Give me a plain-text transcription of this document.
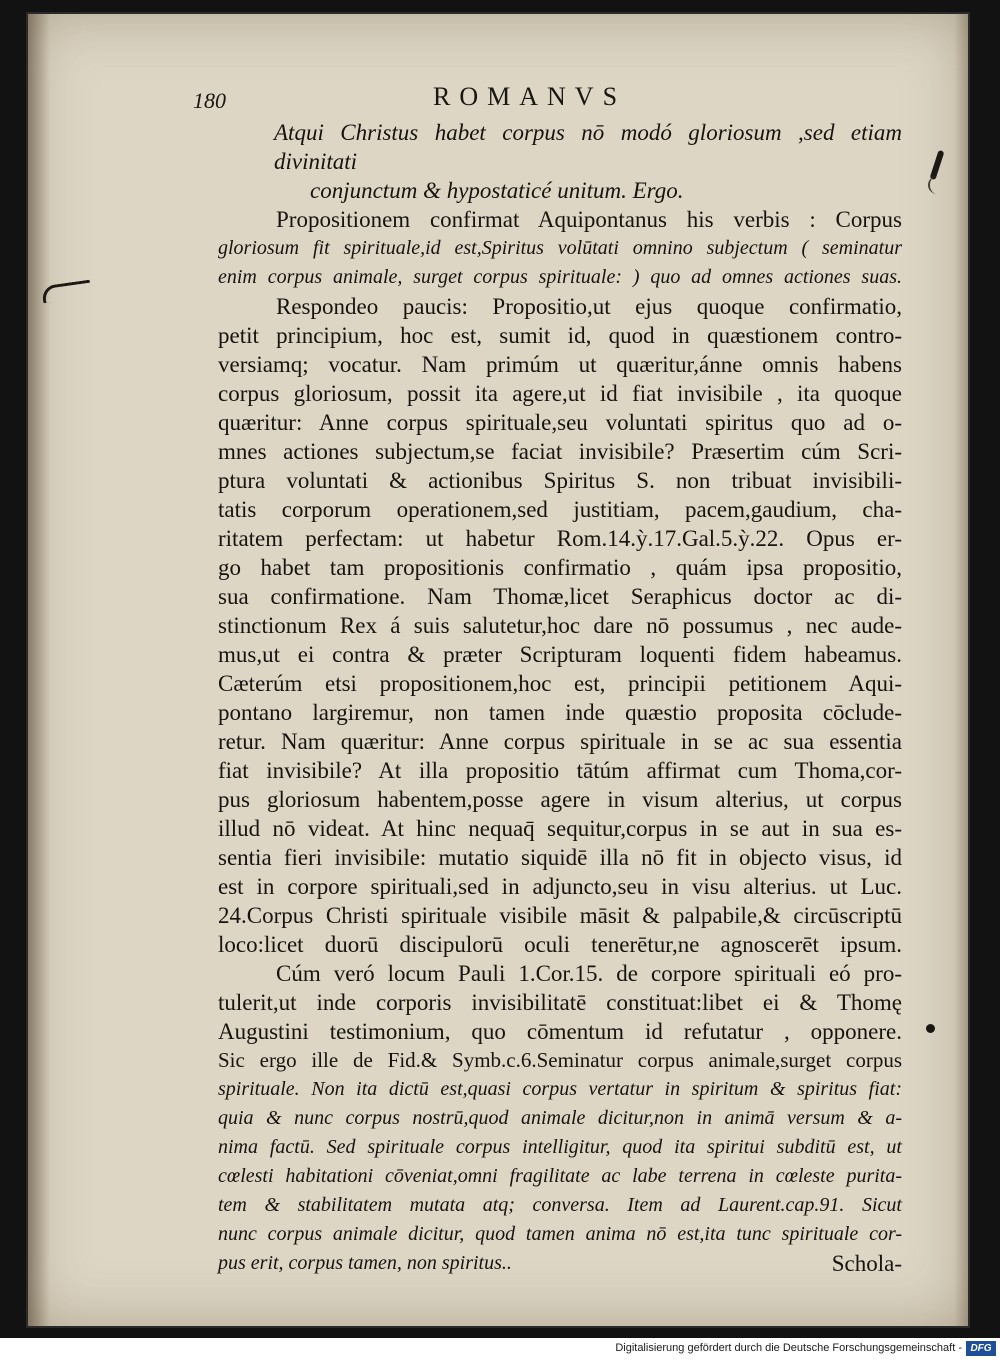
180	ROMANVS
Atqui Christus habet corpus nō modó gloriosum ,sed etiam divinitati
conjunctum & hypostaticé unitum. Ergo.
Propositionem confirmat Aquipontanus his verbis : Corpus
gloriosum fit spirituale,id est,Spiritus volūtati omnino subjectum ( seminatur
enim corpus animale, surget corpus spirituale: ) quo ad omnes actiones suas.
Respondeo paucis: Propositio,ut ejus quoque confirmatio,
petit principium, hoc est, sumit id, quod in quæstionem contro-
versiamq; vocatur. Nam primúm ut quæritur,ánne omnis habens
corpus gloriosum, possit ita agere,ut id fiat invisibile , ita quoque
quæritur: Anne corpus spirituale,seu voluntati spiritus quo ad o-
mnes actiones subjectum,se faciat invisibile? Præsertim cúm Scri-
ptura voluntati & actionibus Spiritus S. non tribuat invisibili-
tatis corporum operationem,sed justitiam, pacem,gaudium, cha-
ritatem perfectam: ut habetur Rom.14.ỳ.17.Gal.5.ỳ.22. Opus er-
go habet tam propositionis confirmatio , quám ipsa propositio,
sua confirmatione. Nam Thomæ,licet Seraphicus doctor ac di-
stinctionum Rex á suis salutetur,hoc dare nō possumus , nec aude-
mus,ut ei contra & præter Scripturam loquenti fidem habeamus.
Cæterúm etsi propositionem,hoc est, principii petitionem Aqui-
pontano largiremur, non tamen inde quæstio proposita cōclude-
retur. Nam quæritur: Anne corpus spirituale in se ac sua essentia
fiat invisibile? At illa propositio tātúm affirmat cum Thoma,cor-
pus gloriosum habentem,posse agere in visum alterius, ut corpus
illud nō videat. At hinc nequaq̄ sequitur,corpus in se aut in sua es-
sentia fieri invisibile: mutatio siquidē illa nō fit in objecto visus, id
est in corpore spirituali,sed in adjuncto,seu in visu alterius. ut Luc.
24.Corpus Christi spirituale visibile māsit & palpabile,& circūscriptū
loco:licet duorū discipulorū oculi tenerētur,ne agnoscerēt ipsum.
Cúm veró locum Pauli 1.Cor.15. de corpore spirituali eó pro-
tulerit,ut inde corporis invisibilitatē constituat:libet ei & Thomę
Augustini testimonium, quo cōmentum id refutatur , opponere.
Sic ergo ille de Fid.& Symb.c.6.Seminatur corpus animale,surget corpus
spirituale. Non ita dictū est,quasi corpus vertatur in spiritum & spiritus fiat:
quia & nunc corpus nostrū,quod animale dicitur,non in animā versum & a-
nima factū. Sed spirituale corpus intelligitur, quod ita spiritui subditū est, ut
cœlesti habitationi cōveniat,omni fragilitate ac labe terrena in cœleste purita-
tem & stabilitatem mutata atq; conversa. Item ad Laurent.cap.91. Sicut
nunc corpus animale dicitur, quod tamen anima nō est,ita tunc spirituale cor-
pus erit, corpus tamen, non spiritus..	Schola-
Digitalisierung gefördert durch die Deutsche Forschungsgemeinschaft - DFG
